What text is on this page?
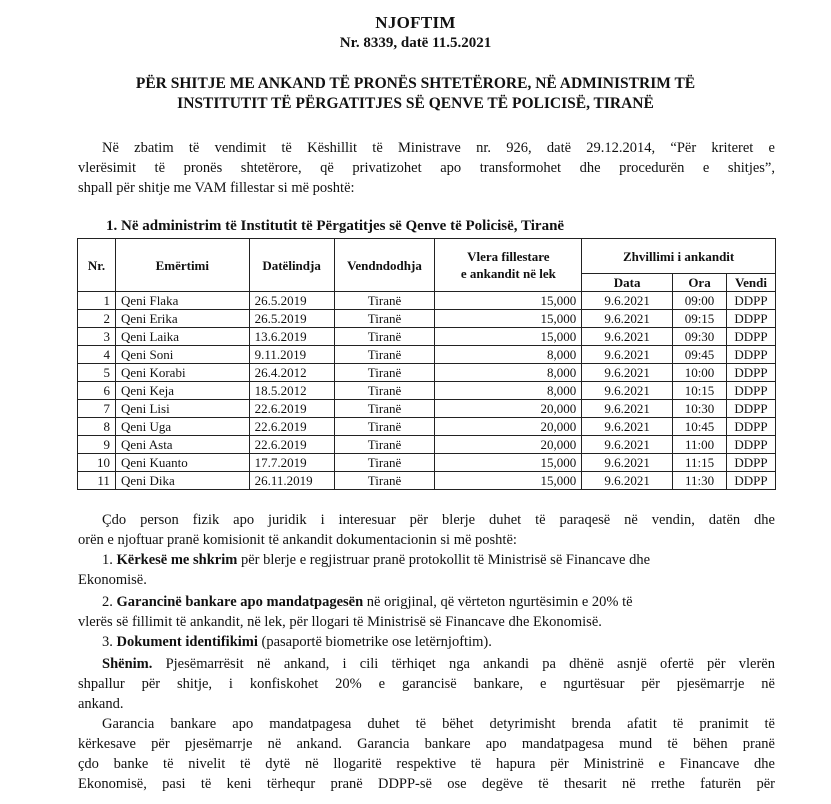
NJOFTIM
Nr. 8339, datë 11.5.2021
PËR SHITJE ME ANKAND TË PRONËS SHTETËRORE, NË ADMINISTRIM TË
INSTITUTIT TË PËRGATITJES SË QENVE TË POLICISË, TIRANË

Në zbatim të vendimit të Këshillit të Ministrave nr. 926, datë 29.12.2014, “Për kriteret e

vlerësimit të pronës shtetërore, që privatizohet apo transformohet dhe procedurën e shitjes”,

shpall për shitje me VAM fillestar si më poshtë:

1. Në administrim të Institutit të Përgatitjes së Qenve të Policisë, Tiranë

Nr.	Emërtimi	Datëlindja	Vendndodhja	Vlera fillestare
e ankandit në lek	Zhvillimi i ankandit		
					Data	Ora	Vendi
1	Qeni Flaka	26.5.2019	Tiranë	15,000	9.6.2021	09:00	DDPP
2	Qeni Erika	26.5.2019	Tiranë	15,000	9.6.2021	09:15	DDPP
3	Qeni Laika	13.6.2019	Tiranë	15,000	9.6.2021	09:30	DDPP
4	Qeni Soni	9.11.2019	Tiranë	8,000	9.6.2021	09:45	DDPP
5	Qeni Korabi	26.4.2012	Tiranë	8,000	9.6.2021	10:00	DDPP
6	Qeni Keja	18.5.2012	Tiranë	8,000	9.6.2021	10:15	DDPP
7	Qeni Lisi	22.6.2019	Tiranë	20,000	9.6.2021	10:30	DDPP
8	Qeni Uga	22.6.2019	Tiranë	20,000	9.6.2021	10:45	DDPP
9	Qeni Asta	22.6.2019	Tiranë	20,000	9.6.2021	11:00	DDPP
10	Qeni Kuanto	17.7.2019	Tiranë	15,000	9.6.2021	11:15	DDPP
11	Qeni Dika	26.11.2019	Tiranë	15,000	9.6.2021	11:30	DDPP

Çdo person fizik apo juridik i interesuar për blerje duhet të paraqesë në vendin, datën dhe

orën e njoftuar pranë komisionit të ankandit dokumentacionin si më poshtë:

1. Kërkesë me shkrim për blerje e regjistruar pranë protokollit të Ministrisë së Financave dhe

Ekonomisë.

2. Garancinë bankare apo mandatpagesën në origjinal, që vërteton ngurtësimin e 20% të

vlerës së fillimit të ankandit, në lek, për llogari të Ministrisë së Financave dhe Ekonomisë.

3. Dokument identifikimi (pasaportë biometrike ose letërnjoftim).

Shënim. Pjesëmarrësit në ankand, i cili tërhiqet nga ankandi pa dhënë asnjë ofertë për vlerën

shpallur për shitje, i konfiskohet 20% e garancisë bankare, e ngurtësuar për pjesëmarrje në

ankand.

Garancia bankare apo mandatpagesa duhet të bëhet detyrimisht brenda afatit të pranimit të

kërkesave për pjesëmarrje në ankand. Garancia bankare apo mandatpagesa mund të bëhen pranë

çdo banke të nivelit të dytë në llogaritë respektive të hapura për Ministrinë e Financave dhe

Ekonomisë, pasi të keni tërhequr pranë DDPP-së ose degëve të thesarit në rrethe faturën për
